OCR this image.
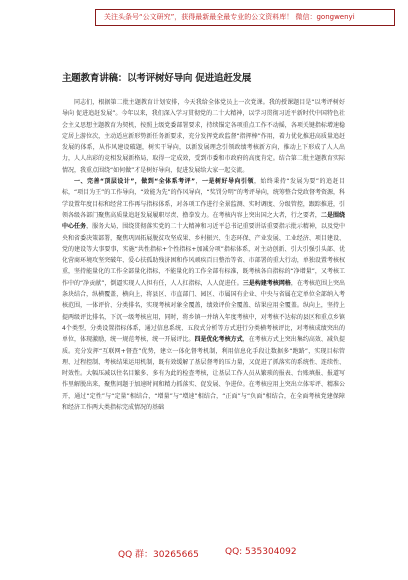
关注头条号“公文研究”，获得最新最全最专业的公文资料库！ 微信：gongwenyi
主题教育讲稿：以考评树好导向 促进追赶发展

同志们，根据第二批主题教育计划安排，今天我给全体党员上一次党课。我的授课题目是“以考评树好导向 促进追赶发展”。今年以来，我们深入学习贯彻党的二十大精神，以学习贯彻习近平新时代中国特色社会主义思想主题教育为契机，按照上级党委部署要求，持续锚定各项重点工作不动摇，各项关键指标增速稳定居上游位次，主动适应新形势新任务新要求，充分发挥党政监督“指挥棒”作用，着力优化推进高质量追赶发展的体系，从作风建设破题，树实干导向，以新发展理念引领政绩考核新方向，推动上下形成了人人出力，人人出彩的竞相发展新格局，取得一定成效，受到市委和市政府的高度肯定。结合第二批主题教育实际情况，我重点围绕“如何做”才是树好导向，促进发展给大家一起交流。

一、完善“顶层设计”，做到“全体系考评”，一是树好导向引领，始终秉持“发展为要”的追赶目标，“项目为王”的工作导向，“效能为先”的作风导向，“奖罚分明”的考评导向，统筹整合党政督考资源，科学设置年度目标和经营工作再与指标体系，对各项工作进行全景监测、实时调度、分级管控，跟踪推进，引领各级各部门聚焦高质量追赶发展履职尽责、撸拳发力。在考核内容上突出国之大者，行之要者，二是围绕中心任务，服务大局，围绕贯彻落实党的二十大精神和习近平总书记重要讲话重要指示批示精神，以及党中央和省委决策部署，聚焦巩固拓展脱贫攻坚成果、乡村振兴、生态环保、产业发展、工业经济、项目建设、党的建设等大事要事，实施“共性指标+个性指标+加减分项”指标体系，对主动创新、引大引强引头部、优化营商环境攻坚突破年、爱心扶孤助残济困和作风顽疾百日整治等省、市部署的重大行动，单独设置考核权重，坚持能量化的工作全部量化指标，不能量化的工作全部有标准，既考核各自指标的“净增量”，又考核工作中的“净贡献”，倒逼实现人人担有任，人人扛指标，人人促进任。三是构建考核网格，在考核范围上突出条块结合，纵横覆盖，横向上，将县区、市直部门、园区、市属国有企业、中央与省属在定单位全部纳入考核范围，一体评价、分类排名，实现考核对象全覆盖，绩效评价全覆盖、结果应用全覆盖。纵向上，坚持上提两级评比排名，下沉一级考核应用，同时，将乡镇一并纳入年度考核中，对考核不达标的县区和重点乡镇4个类型，分类设置指标体系，通过信息系统、五段式分析等方式进行分类横考核评比，对考核成绩突出的单位，体现激励，统一规范考核，统一开展评比。四是优化考核方式，在考核方式上突出集约高效、减负提质。充分发挥“互联网+督查”优势，建立一体化督考机制，利用信息化手段让数据多“跑路”，实现目标管理、过程控制、考核结果运用机制，既有效缓解了基层督考的压力量，又促进了抓落实的系统性、连续性、时效性。大幅压减以往名目繁多、多有为此的检查考核，让基层工作人员从繁琐的报表、台账填报、报道写作里解脱出来，聚焦问题于加速时间和精力抓落实、促发展、争进位。在考核应用上突出立体零评、精准公开，通过“定性”与“定量”相结合，“增量”与“增速”相结合，“正面”与“负面”相结合，在全面考核党建保障和经济工作两大类指标完成情况的基础

QQ 群：30265665	QQ: 535304092
